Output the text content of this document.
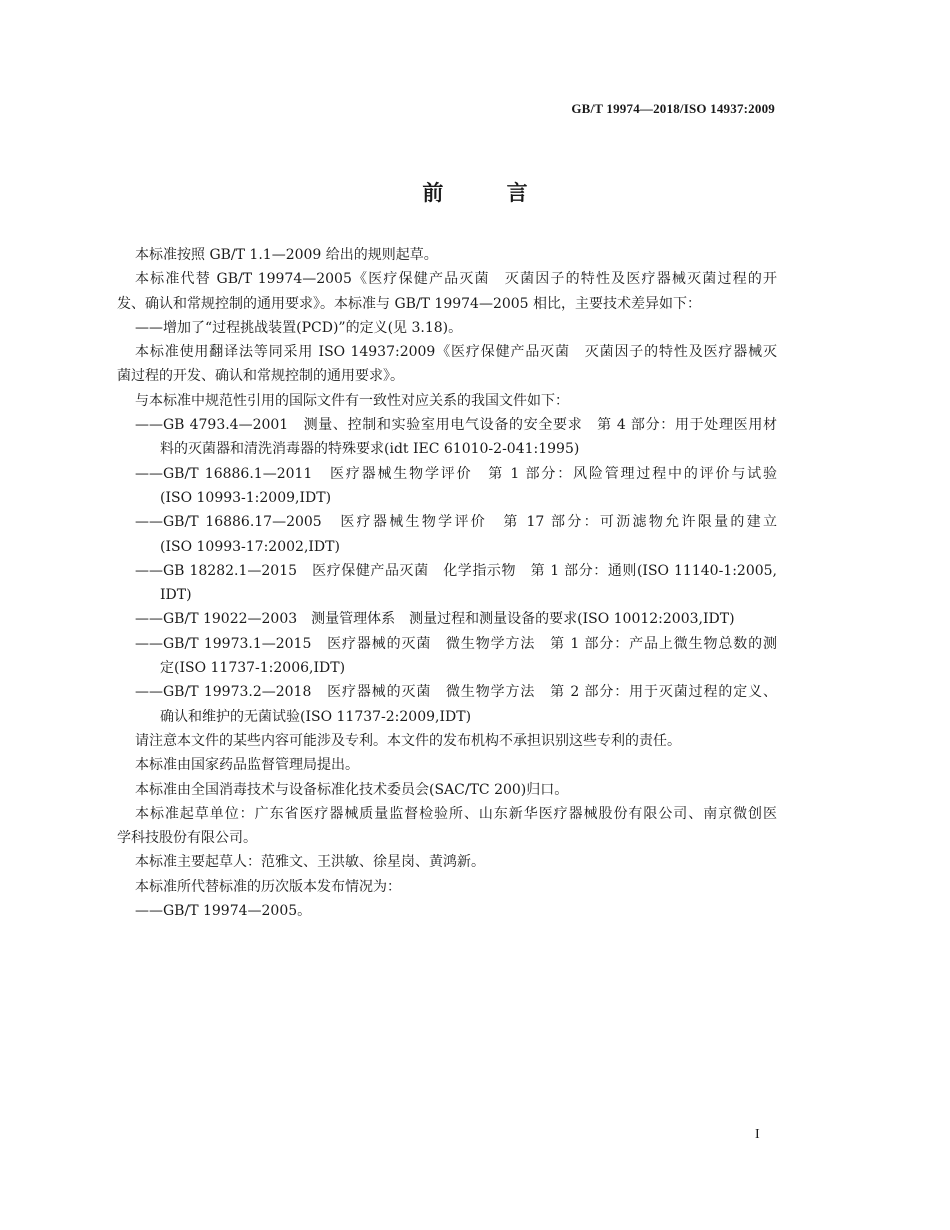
GB/T 19974—2018/ISO 14937:2009
前 言
本标准按照 GB/T 1.1—2009 给出的规则起草。
本标准代替 GB/T 19974—2005《医疗保健产品灭菌　灭菌因子的特性及医疗器械灭菌过程的开
发、确认和常规控制的通用要求》。本标准与 GB/T 19974—2005 相比，主要技术差异如下：
——增加了“过程挑战装置(PCD)”的定义(见 3.18)。
本标准使用翻译法等同采用 ISO 14937:2009《医疗保健产品灭菌　灭菌因子的特性及医疗器械灭
菌过程的开发、确认和常规控制的通用要求》。
与本标准中规范性引用的国际文件有一致性对应关系的我国文件如下：
——GB 4793.4—2001　测量、控制和实验室用电气设备的安全要求　第 4 部分：用于处理医用材
料的灭菌器和清洗消毒器的特殊要求(idt IEC 61010-2-041:1995)
——GB/T 16886.1—2011　医疗器械生物学评价　第 1 部分：风险管理过程中的评价与试验
(ISO 10993-1:2009,IDT)
——GB/T 16886.17—2005　医疗器械生物学评价　第 17 部分：可沥滤物允许限量的建立
(ISO 10993-17:2002,IDT)
——GB 18282.1—2015　医疗保健产品灭菌　化学指示物　第 1 部分：通则(ISO 11140-1:2005,
IDT)
——GB/T 19022—2003　测量管理体系　测量过程和测量设备的要求(ISO 10012:2003,IDT)
——GB/T 19973.1—2015　医疗器械的灭菌　微生物学方法　第 1 部分：产品上微生物总数的测
定(ISO 11737-1:2006,IDT)
——GB/T 19973.2—2018　医疗器械的灭菌　微生物学方法　第 2 部分：用于灭菌过程的定义、
确认和维护的无菌试验(ISO 11737-2:2009,IDT)
请注意本文件的某些内容可能涉及专利。本文件的发布机构不承担识别这些专利的责任。
本标准由国家药品监督管理局提出。
本标准由全国消毒技术与设备标准化技术委员会(SAC/TC 200)归口。
本标准起草单位：广东省医疗器械质量监督检验所、山东新华医疗器械股份有限公司、南京微创医
学科技股份有限公司。
本标准主要起草人：范雅文、王洪敏、徐星岗、黄鸿新。
本标准所代替标准的历次版本发布情况为：
——GB/T 19974—2005。
I
